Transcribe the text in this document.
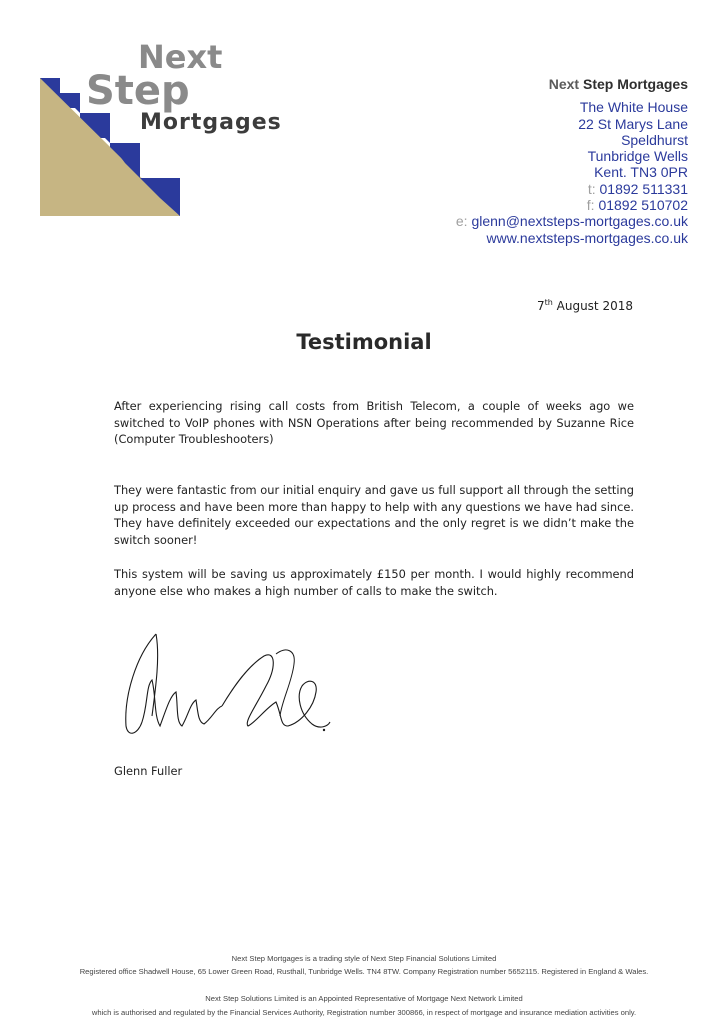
Next
Step
Mortgages
Next Step Mortgages
The White House
22 St Marys Lane
Speldhurst
Tunbridge Wells
Kent. TN3 0PR
t: 01892 511331
f: 01892 510702
e: glenn@nextsteps-mortgages.co.uk
www.nextsteps-mortgages.co.uk
7th August 2018
Testimonial
After experiencing rising call costs from British Telecom, a couple of weeks ago we switched to VoIP phones with NSN Operations after being recommended by Suzanne Rice (Computer Troubleshooters)
They were fantastic from our initial enquiry and gave us full support all through the setting up process and have been more than happy to help with any questions we have had since. They have definitely exceeded our expectations and the only regret is we didn’t make the switch sooner!
This system will be saving us approximately £150 per month. I would highly recommend anyone else who makes a high number of calls to make the switch.
Glenn Fuller
Next Step Mortgages is a trading style of Next Step Financial Solutions Limited
Registered office Shadwell House, 65 Lower Green Road, Rusthall, Tunbridge Wells. TN4 8TW. Company Registration number 5652115. Registered in England & Wales.
Next Step Solutions Limited is an Appointed Representative of Mortgage Next Network Limited
which is authorised and regulated by the Financial Services Authority, Registration number 300866, in respect of mortgage and insurance mediation activities only.
